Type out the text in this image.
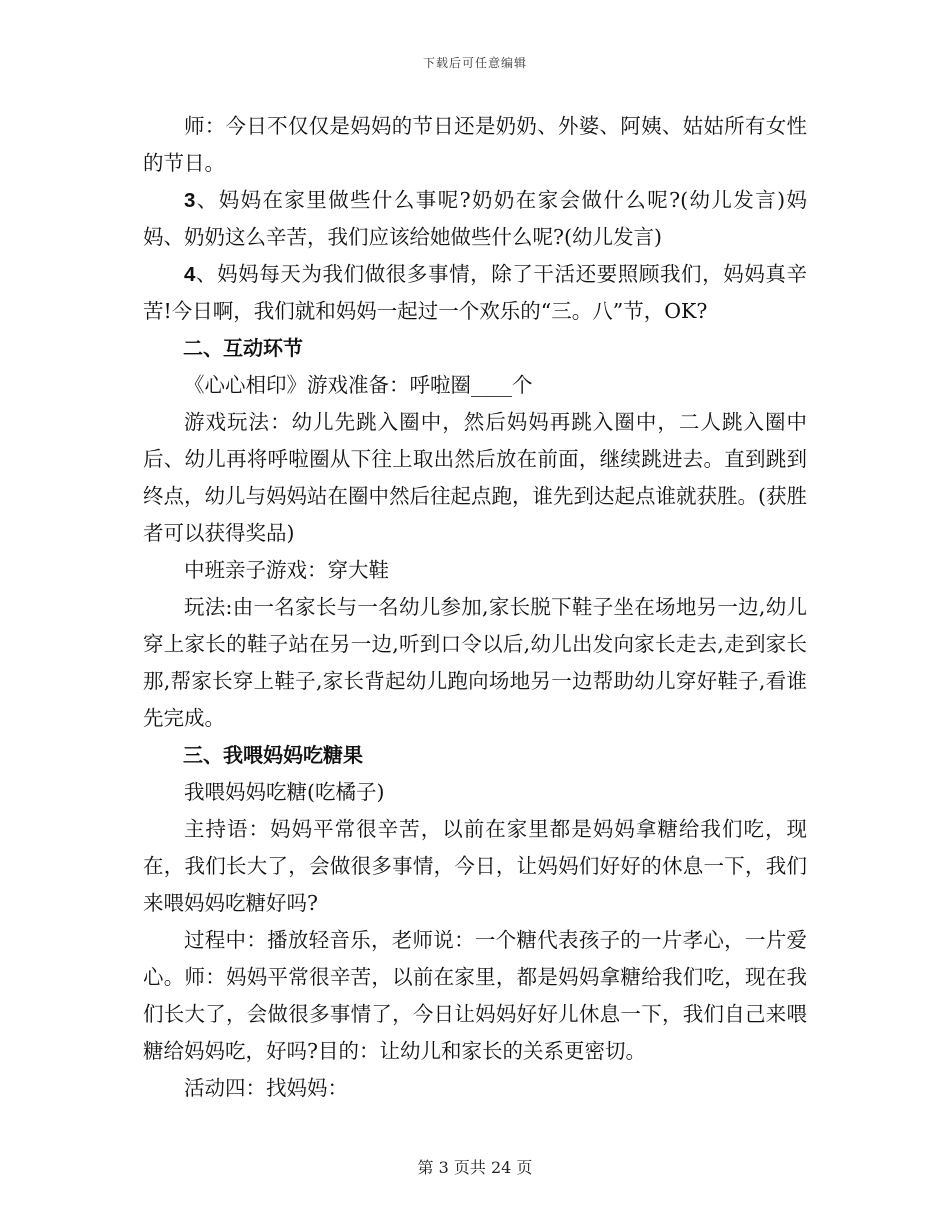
下载后可任意编辑

师：今日不仅仅是妈妈的节日还是奶奶、外婆、阿姨、姑姑所有女性的节日。

3、妈妈在家里做些什么事呢?奶奶在家会做什么呢?(幼儿发言)妈妈、奶奶这么辛苦，我们应该给她做些什么呢?(幼儿发言)

4、妈妈每天为我们做很多事情，除了干活还要照顾我们，妈妈真辛苦!今日啊，我们就和妈妈一起过一个欢乐的“三。八”节，OK?

二、互动环节

《心心相印》游戏准备：呼啦圈____个

游戏玩法：幼儿先跳入圈中，然后妈妈再跳入圈中，二人跳入圈中后、幼儿再将呼啦圈从下往上取出然后放在前面，继续跳进去。直到跳到终点，幼儿与妈妈站在圈中然后往起点跑，谁先到达起点谁就获胜。(获胜者可以获得奖品)

中班亲子游戏：穿大鞋

玩法:由一名家长与一名幼儿参加,家长脱下鞋子坐在场地另一边,幼儿穿上家长的鞋子站在另一边,听到口令以后,幼儿出发向家长走去,走到家长那,帮家长穿上鞋子,家长背起幼儿跑向场地另一边帮助幼儿穿好鞋子,看谁先完成。

三、我喂妈妈吃糖果

我喂妈妈吃糖(吃橘子)

主持语：妈妈平常很辛苦，以前在家里都是妈妈拿糖给我们吃，现在，我们长大了，会做很多事情，今日，让妈妈们好好的休息一下，我们来喂妈妈吃糖好吗?

过程中：播放轻音乐，老师说：一个糖代表孩子的一片孝心，一片爱心。师：妈妈平常很辛苦，以前在家里，都是妈妈拿糖给我们吃，现在我们长大了，会做很多事情了，今日让妈妈好好儿休息一下，我们自己来喂糖给妈妈吃，好吗?目的：让幼儿和家长的关系更密切。

活动四：找妈妈：

第 3 页共 24 页
